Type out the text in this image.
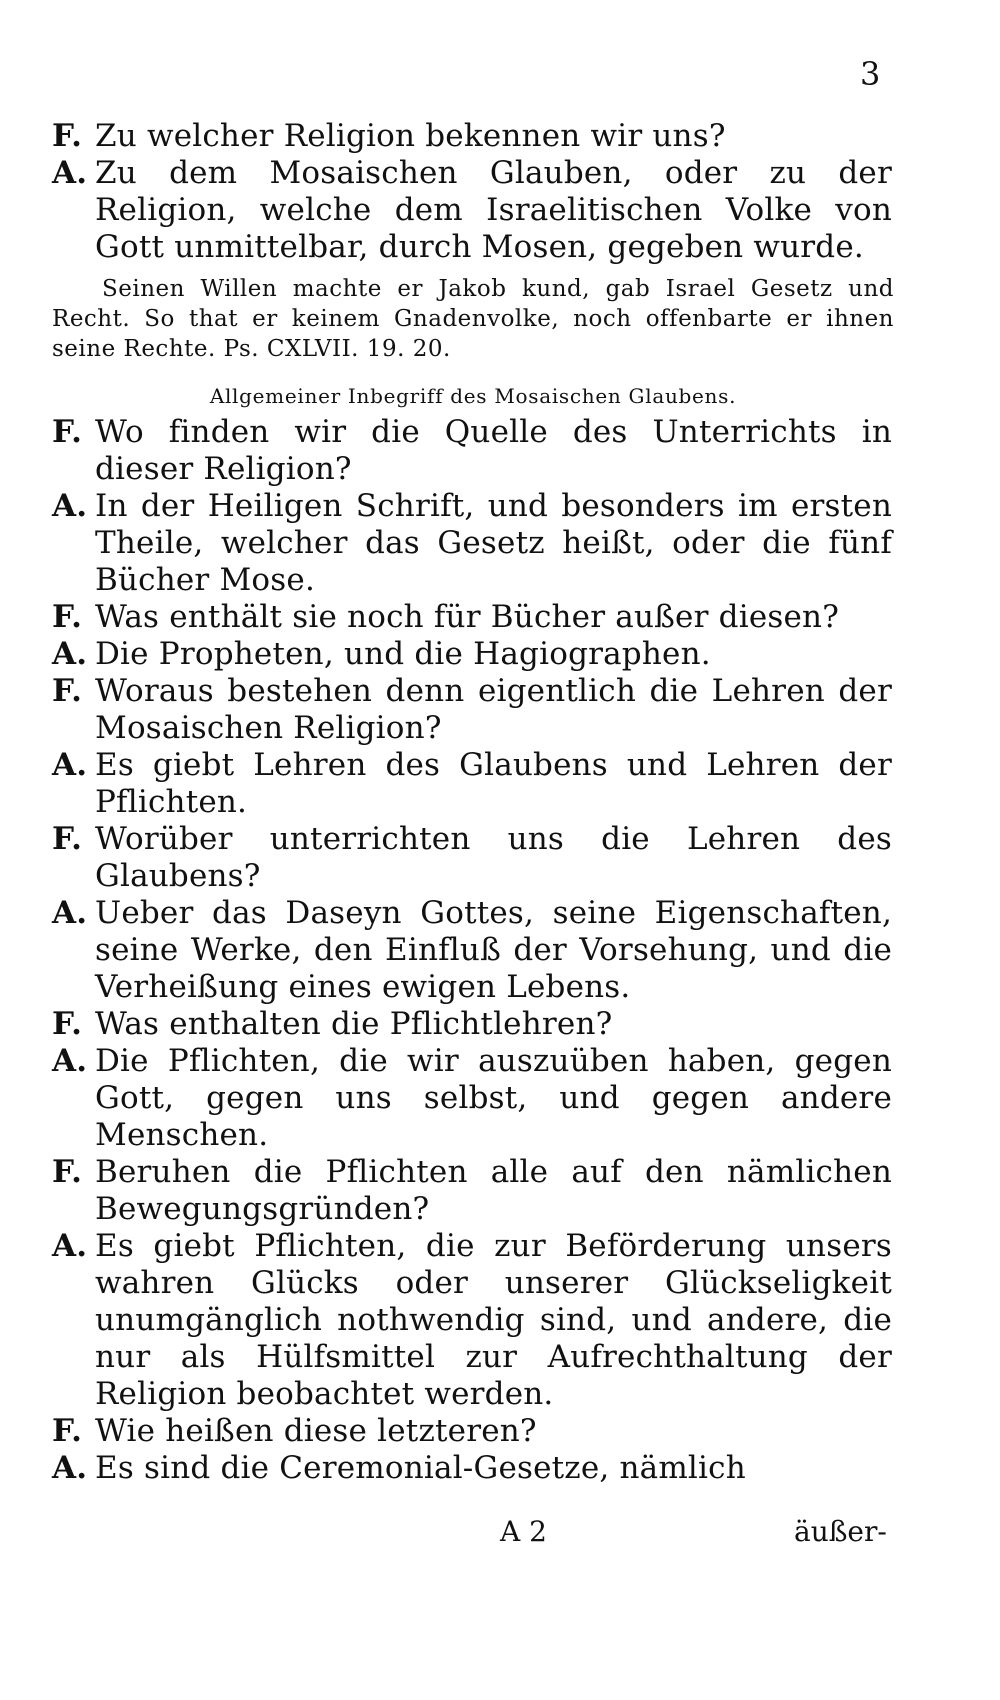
3
F. Zu welcher Religion bekennen wir uns?
A. Zu dem Mosaischen Glauben, oder zu der Religion, welche dem Israelitischen Volke von Gott unmittelbar, durch Mosen, gegeben wurde.
Seinen Willen machte er Jakob kund, gab Israel Gesetz und Recht. So that er keinem Gnadenvolke, noch offenbarte er ihnen seine Rechte. Ps. CXLVII. 19. 20.
Allgemeiner Inbegriff des Mosaischen Glaubens.
F. Wo finden wir die Quelle des Unterrichts in dieser Religion?
A. In der Heiligen Schrift, und besonders im ersten Theile, welcher das Gesetz heißt, oder die fünf Bücher Mose.
F. Was enthält sie noch für Bücher außer diesen?
A. Die Propheten, und die Hagiographen.
F. Woraus bestehen denn eigentlich die Lehren der Mosaischen Religion?
A. Es giebt Lehren des Glaubens und Lehren der Pflichten.
F. Worüber unterrichten uns die Lehren des Glaubens?
A. Ueber das Daseyn Gottes, seine Eigenschaften, seine Werke, den Einfluß der Vorsehung, und die Verheißung eines ewigen Lebens.
F. Was enthalten die Pflichtlehren?
A. Die Pflichten, die wir auszuüben haben, gegen Gott, gegen uns selbst, und gegen andere Menschen.
F. Beruhen die Pflichten alle auf den nämlichen Bewegungsgründen?
A. Es giebt Pflichten, die zur Beförderung unsers wahren Glücks oder unserer Glückseligkeit unumgänglich nothwendig sind, und andere, die nur als Hülfsmittel zur Aufrechthaltung der Religion beobachtet werden.
F. Wie heißen diese letzteren?
A. Es sind die Ceremonial-Gesetze, nämlich
A 2	äußer-
